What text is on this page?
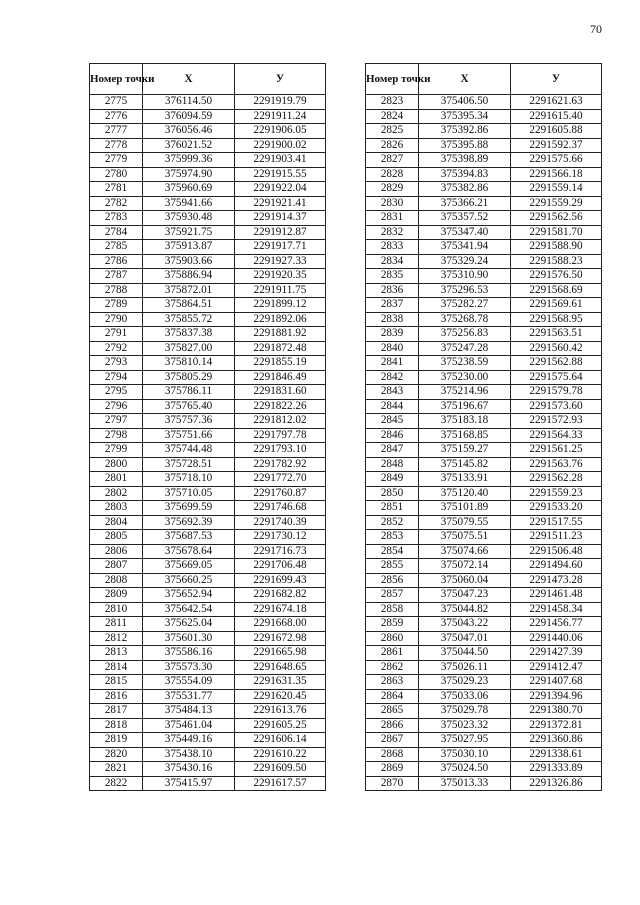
70
Номер точки	X	У
2775	376114.50	2291919.79
2776	376094.59	2291911.24
2777	376056.46	2291906.05
2778	376021.52	2291900.02
2779	375999.36	2291903.41
2780	375974.90	2291915.55
2781	375960.69	2291922.04
2782	375941.66	2291921.41
2783	375930.48	2291914.37
2784	375921.75	2291912.87
2785	375913.87	2291917.71
2786	375903.66	2291927.33
2787	375886.94	2291920.35
2788	375872.01	2291911.75
2789	375864.51	2291899.12
2790	375855.72	2291892.06
2791	375837.38	2291881.92
2792	375827.00	2291872.48
2793	375810.14	2291855.19
2794	375805.29	2291846.49
2795	375786.11	2291831.60
2796	375765.40	2291822.26
2797	375757.36	2291812.02
2798	375751.66	2291797.78
2799	375744.48	2291793.10
2800	375728.51	2291782.92
2801	375718.10	2291772.70
2802	375710.05	2291760.87
2803	375699.59	2291746.68
2804	375692.39	2291740.39
2805	375687.53	2291730.12
2806	375678.64	2291716.73
2807	375669.05	2291706.48
2808	375660.25	2291699.43
2809	375652.94	2291682.82
2810	375642.54	2291674.18
2811	375625.04	2291668.00
2812	375601.30	2291672.98
2813	375586.16	2291665.98
2814	375573.30	2291648.65
2815	375554.09	2291631.35
2816	375531.77	2291620.45
2817	375484.13	2291613.76
2818	375461.04	2291605.25
2819	375449.16	2291606.14
2820	375438.10	2291610.22
2821	375430.16	2291609.50
2822	375415.97	2291617.57
Номер точки	X	У
2823	375406.50	2291621.63
2824	375395.34	2291615.40
2825	375392.86	2291605.88
2826	375395.88	2291592.37
2827	375398.89	2291575.66
2828	375394.83	2291566.18
2829	375382.86	2291559.14
2830	375366.21	2291559.29
2831	375357.52	2291562.56
2832	375347.40	2291581.70
2833	375341.94	2291588.90
2834	375329.24	2291588.23
2835	375310.90	2291576.50
2836	375296.53	2291568.69
2837	375282.27	2291569.61
2838	375268.78	2291568.95
2839	375256.83	2291563.51
2840	375247.28	2291560.42
2841	375238.59	2291562.88
2842	375230.00	2291575.64
2843	375214.96	2291579.78
2844	375196.67	2291573.60
2845	375183.18	2291572.93
2846	375168.85	2291564.33
2847	375159.27	2291561.25
2848	375145.82	2291563.76
2849	375133.91	2291562.28
2850	375120.40	2291559.23
2851	375101.89	2291533.20
2852	375079.55	2291517.55
2853	375075.51	2291511.23
2854	375074.66	2291506.48
2855	375072.14	2291494.60
2856	375060.04	2291473.28
2857	375047.23	2291461.48
2858	375044.82	2291458.34
2859	375043.22	2291456.77
2860	375047.01	2291440.06
2861	375044.50	2291427.39
2862	375026.11	2291412.47
2863	375029.23	2291407.68
2864	375033.06	2291394.96
2865	375029.78	2291380.70
2866	375023.32	2291372.81
2867	375027.95	2291360.86
2868	375030.10	2291338.61
2869	375024.50	2291333.89
2870	375013.33	2291326.86
